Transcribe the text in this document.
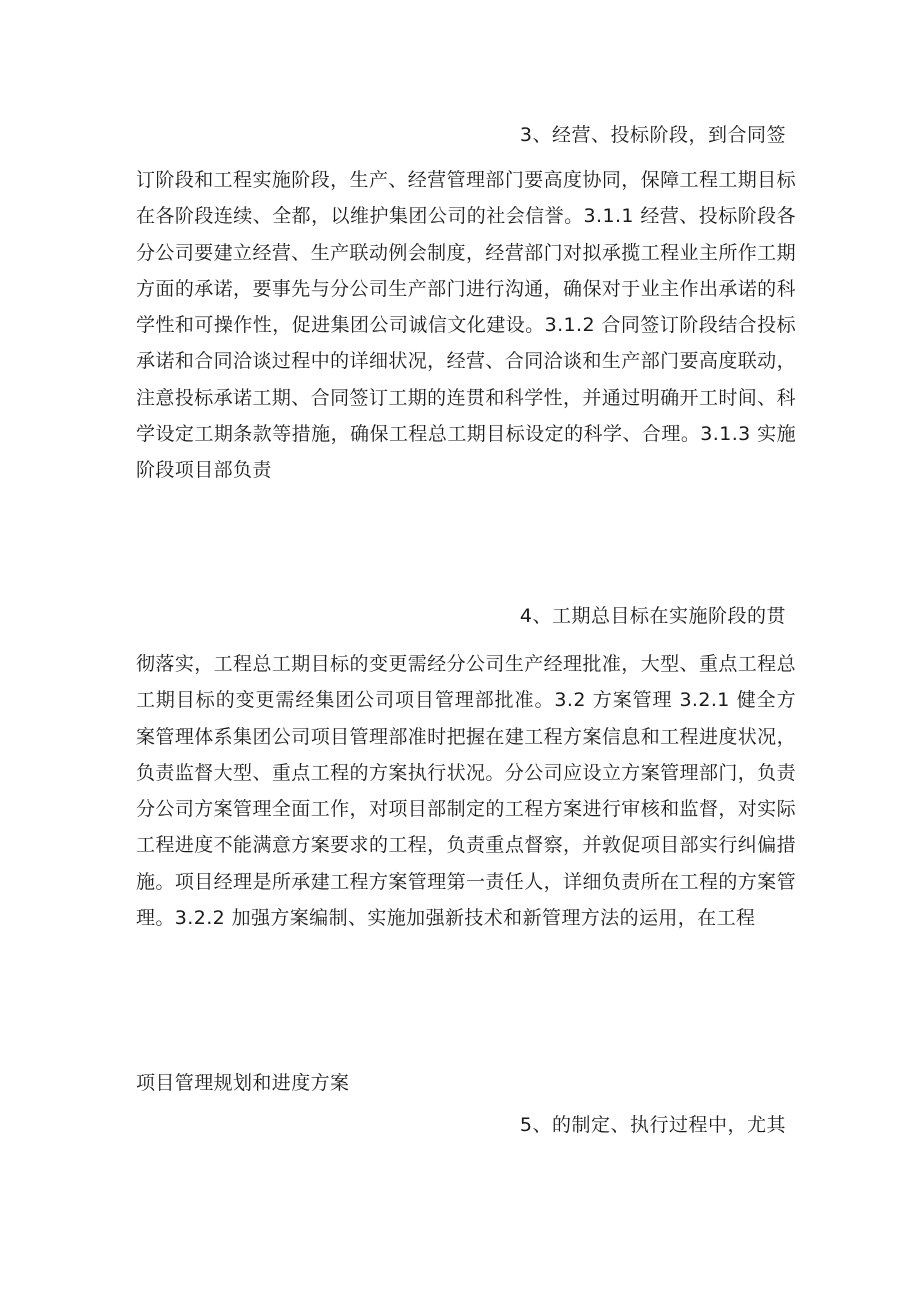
3、经营、投标阶段，到合同签

订阶段和工程实施阶段，生产、经营管理部门要高度协同，保障工程工期目标在各阶段连续、全都，以维护集团公司的社会信誉。3.1.1 经营、投标阶段各分公司要建立经营、生产联动例会制度，经营部门对拟承揽工程业主所作工期方面的承诺，要事先与分公司生产部门进行沟通，确保对于业主作出承诺的科学性和可操作性，促进集团公司诚信文化建设。3.1.2 合同签订阶段结合投标承诺和合同洽谈过程中的详细状况，经营、合同洽谈和生产部门要高度联动，注意投标承诺工期、合同签订工期的连贯和科学性，并通过明确开工时间、科学设定工期条款等措施，确保工程总工期目标设定的科学、合理。3.1.3 实施阶段项目部负责

4、工期总目标在实施阶段的贯

彻落实，工程总工期目标的变更需经分公司生产经理批准，大型、重点工程总工期目标的变更需经集团公司项目管理部批准。3.2 方案管理 3.2.1 健全方案管理体系集团公司项目管理部准时把握在建工程方案信息和工程进度状况，负责监督大型、重点工程的方案执行状况。分公司应设立方案管理部门，负责分公司方案管理全面工作，对项目部制定的工程方案进行审核和监督，对实际工程进度不能满意方案要求的工程，负责重点督察，并敦促项目部实行纠偏措施。项目经理是所承建工程方案管理第一责任人，详细负责所在工程的方案管理。3.2.2 加强方案编制、实施加强新技术和新管理方法的运用，在工程

项目管理规划和进度方案
5、的制定、执行过程中，尤其
